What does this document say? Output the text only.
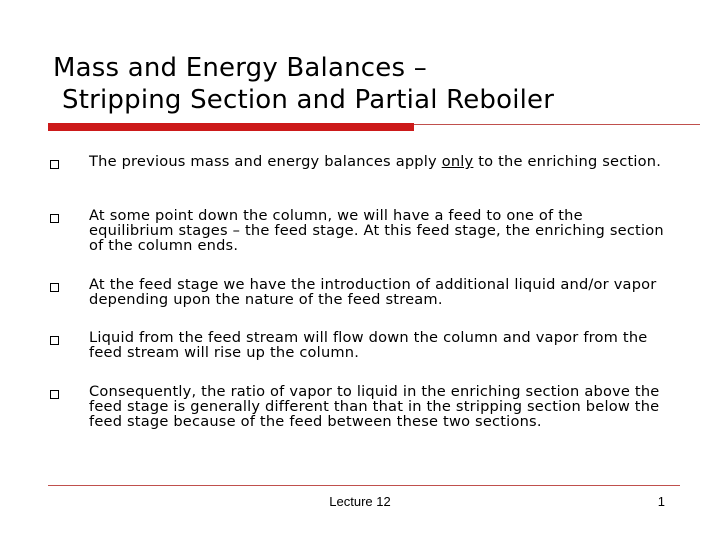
Mass and Energy Balances –
Stripping Section and Partial Reboiler
The previous mass and energy balances apply only to the enriching section.
At some point down the column, we will have a feed to one of the equilibrium stages – the feed stage. At this feed stage, the enriching section of the column ends.
At the feed stage we have the introduction of additional liquid and/or vapor depending upon the nature of the feed stream.
Liquid from the feed stream will flow down the column and vapor from the feed stream will rise up the column.
Consequently, the ratio of vapor to liquid in the enriching section above the feed stage is generally different than that in the stripping section below the feed stage because of the feed between these two sections.
Lecture 12	1
